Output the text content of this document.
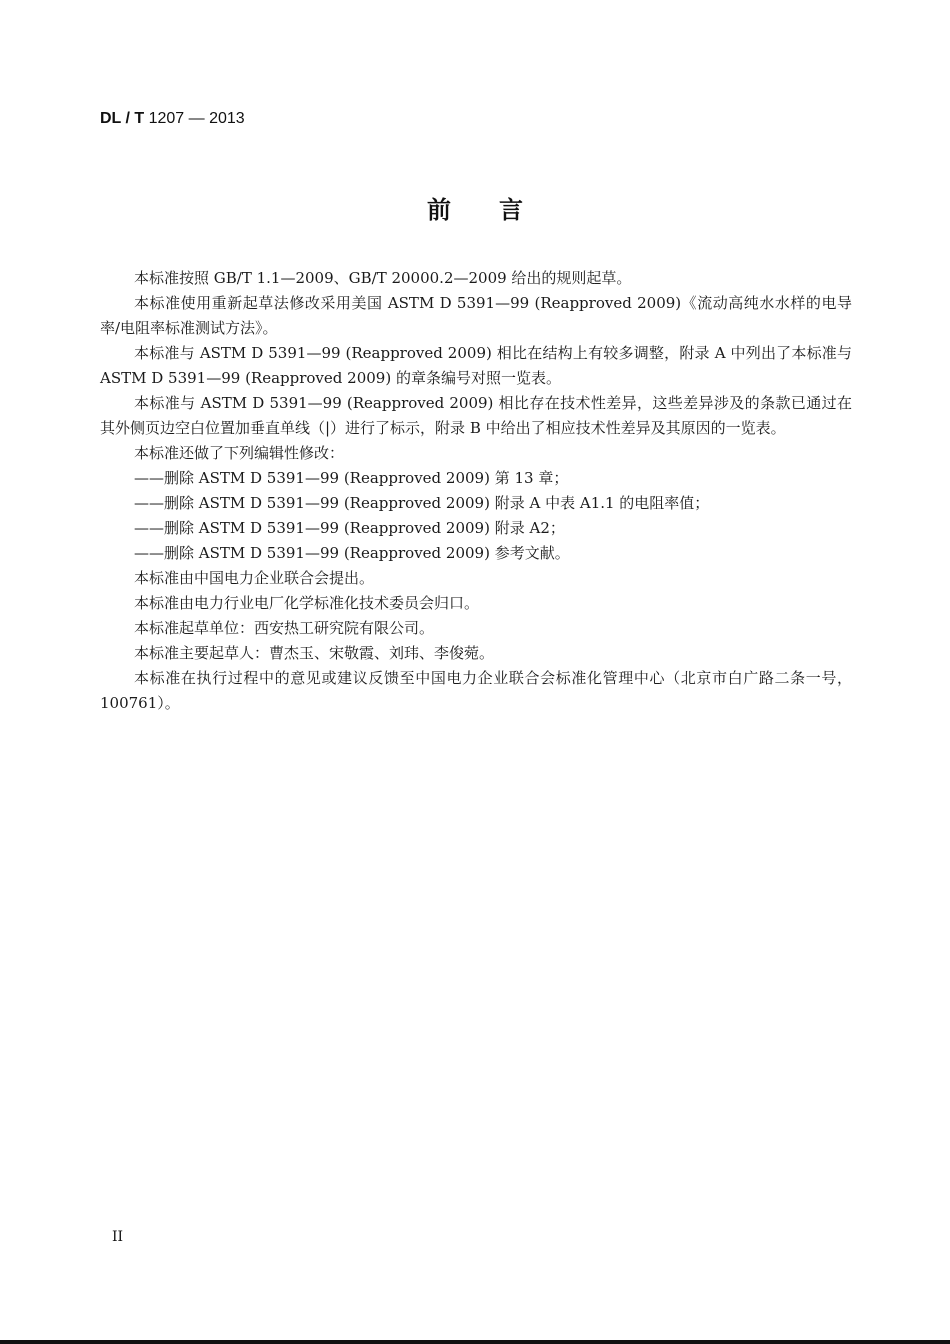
DL / T 1207 — 2013
前言

本标准按照 GB/T 1.1—2009、GB/T 20000.2—2009 给出的规则起草。

本标准使用重新起草法修改采用美国 ASTM D 5391—99 (Reapproved 2009)《流动高纯水水样的电导率/电阻率标准测试方法》。

本标准与 ASTM D 5391—99 (Reapproved 2009) 相比在结构上有较多调整，附录 A 中列出了本标准与 ASTM D 5391—99 (Reapproved 2009) 的章条编号对照一览表。

本标准与 ASTM D 5391—99 (Reapproved 2009) 相比存在技术性差异，这些差异涉及的条款已通过在其外侧页边空白位置加垂直单线（|）进行了标示，附录 B 中给出了相应技术性差异及其原因的一览表。

本标准还做了下列编辑性修改：

——删除 ASTM D 5391—99 (Reapproved 2009) 第 13 章；

——删除 ASTM D 5391—99 (Reapproved 2009) 附录 A 中表 A1.1 的电阻率值；

——删除 ASTM D 5391—99 (Reapproved 2009) 附录 A2；

——删除 ASTM D 5391—99 (Reapproved 2009) 参考文献。

本标准由中国电力企业联合会提出。

本标准由电力行业电厂化学标准化技术委员会归口。

本标准起草单位：西安热工研究院有限公司。

本标准主要起草人：曹杰玉、宋敬霞、刘玮、李俊菀。

本标准在执行过程中的意见或建议反馈至中国电力企业联合会标准化管理中心（北京市白广路二条一号，100761）。

II
